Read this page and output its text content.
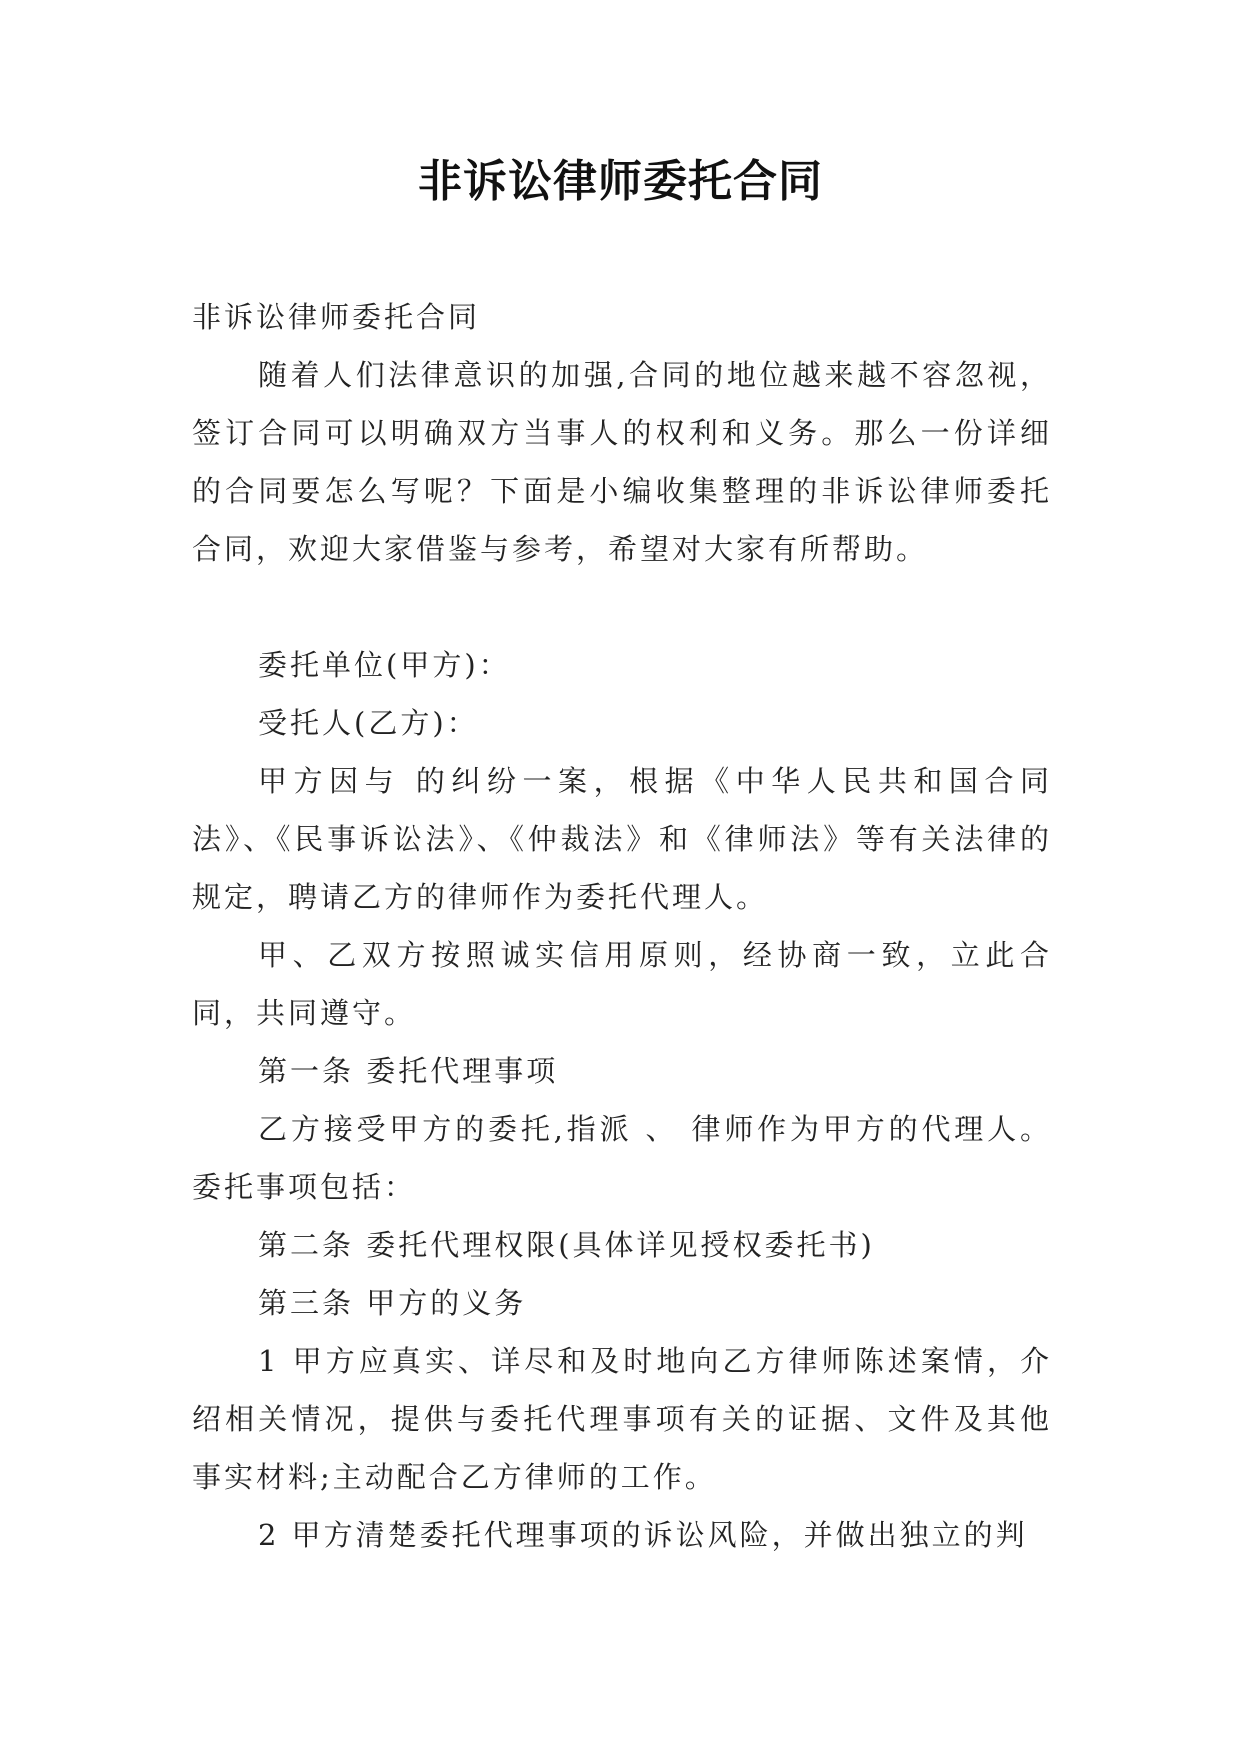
非诉讼律师委托合同

非诉讼律师委托合同

随着人们法律意识的加强,合同的地位越来越不容忽视，签订合同可以明确双方当事人的权利和义务。那么一份详细的合同要怎么写呢？下面是小编收集整理的非诉讼律师委托合同，欢迎大家借鉴与参考，希望对大家有所帮助。

委托单位(甲方)：

受托人(乙方)：

甲方因与 的纠纷一案，根据《中华人民共和国合同法》、《民事诉讼法》、《仲裁法》和《律师法》等有关法律的规定，聘请乙方的律师作为委托代理人。

甲、乙双方按照诚实信用原则，经协商一致，立此合同，共同遵守。

第一条 委托代理事项

乙方接受甲方的委托,指派 、 律师作为甲方的代理人。委托事项包括：

第二条 委托代理权限(具体详见授权委托书)

第三条 甲方的义务

1 甲方应真实、详尽和及时地向乙方律师陈述案情，介绍相关情况，提供与委托代理事项有关的证据、文件及其他事实材料;主动配合乙方律师的工作。

2 甲方清楚委托代理事项的诉讼风险，并做出独立的判
